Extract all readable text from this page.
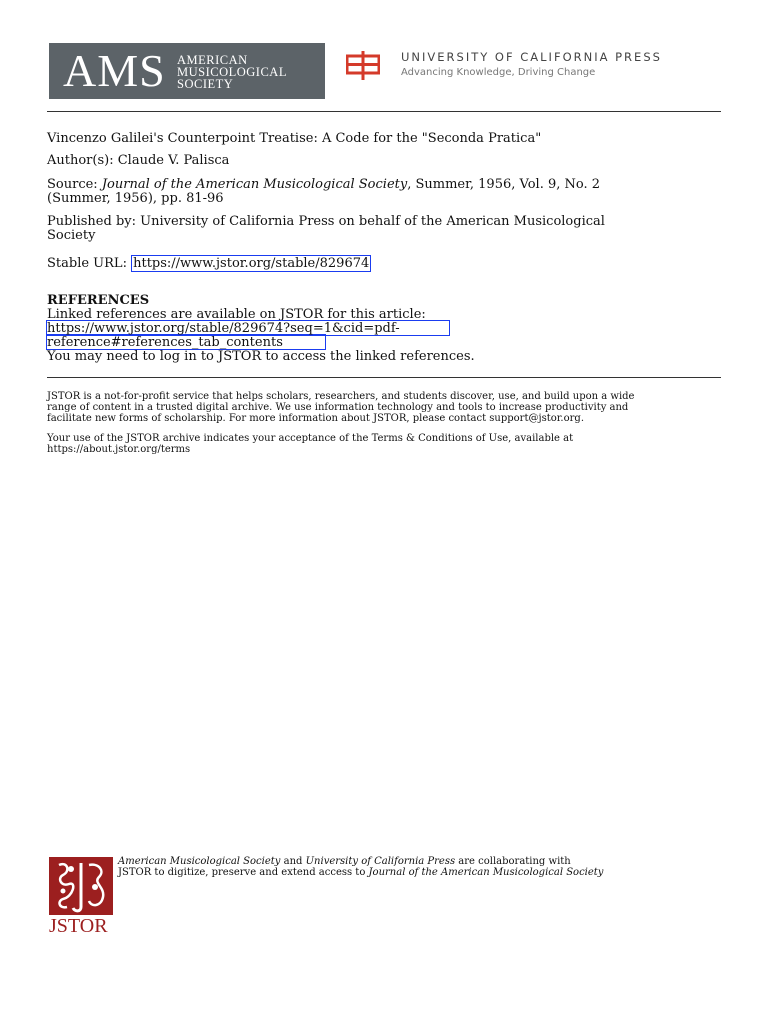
AMS AMERICAN
MUSICOLOGICAL
SOCIETY
UNIVERSITY OF CALIFORNIA PRESS
Advancing Knowledge, Driving Change
Vincenzo Galilei's Counterpoint Treatise: A Code for the "Seconda Pratica"
Author(s): Claude V. Palisca
Source: Journal of the American Musicological Society, Summer, 1956, Vol. 9, No. 2
(Summer, 1956), pp. 81-96
Published by: University of California Press on behalf of the American Musicological
Society
Stable URL: https://www.jstor.org/stable/829674
REFERENCES
Linked references are available on JSTOR for this article:
https://www.jstor.org/stable/829674?seq=1&cid=pdf-
reference#references_tab_contents
You may need to log in to JSTOR to access the linked references.
JSTOR is a not-for-profit service that helps scholars, researchers, and students discover, use, and build upon a wide
range of content in a trusted digital archive. We use information technology and tools to increase productivity and
facilitate new forms of scholarship. For more information about JSTOR, please contact support@jstor.org.
Your use of the JSTOR archive indicates your acceptance of the Terms & Conditions of Use, available at
https://about.jstor.org/terms
JSTOR
American Musicological Society and University of California Press are collaborating with
JSTOR to digitize, preserve and extend access to Journal of the American Musicological Society
